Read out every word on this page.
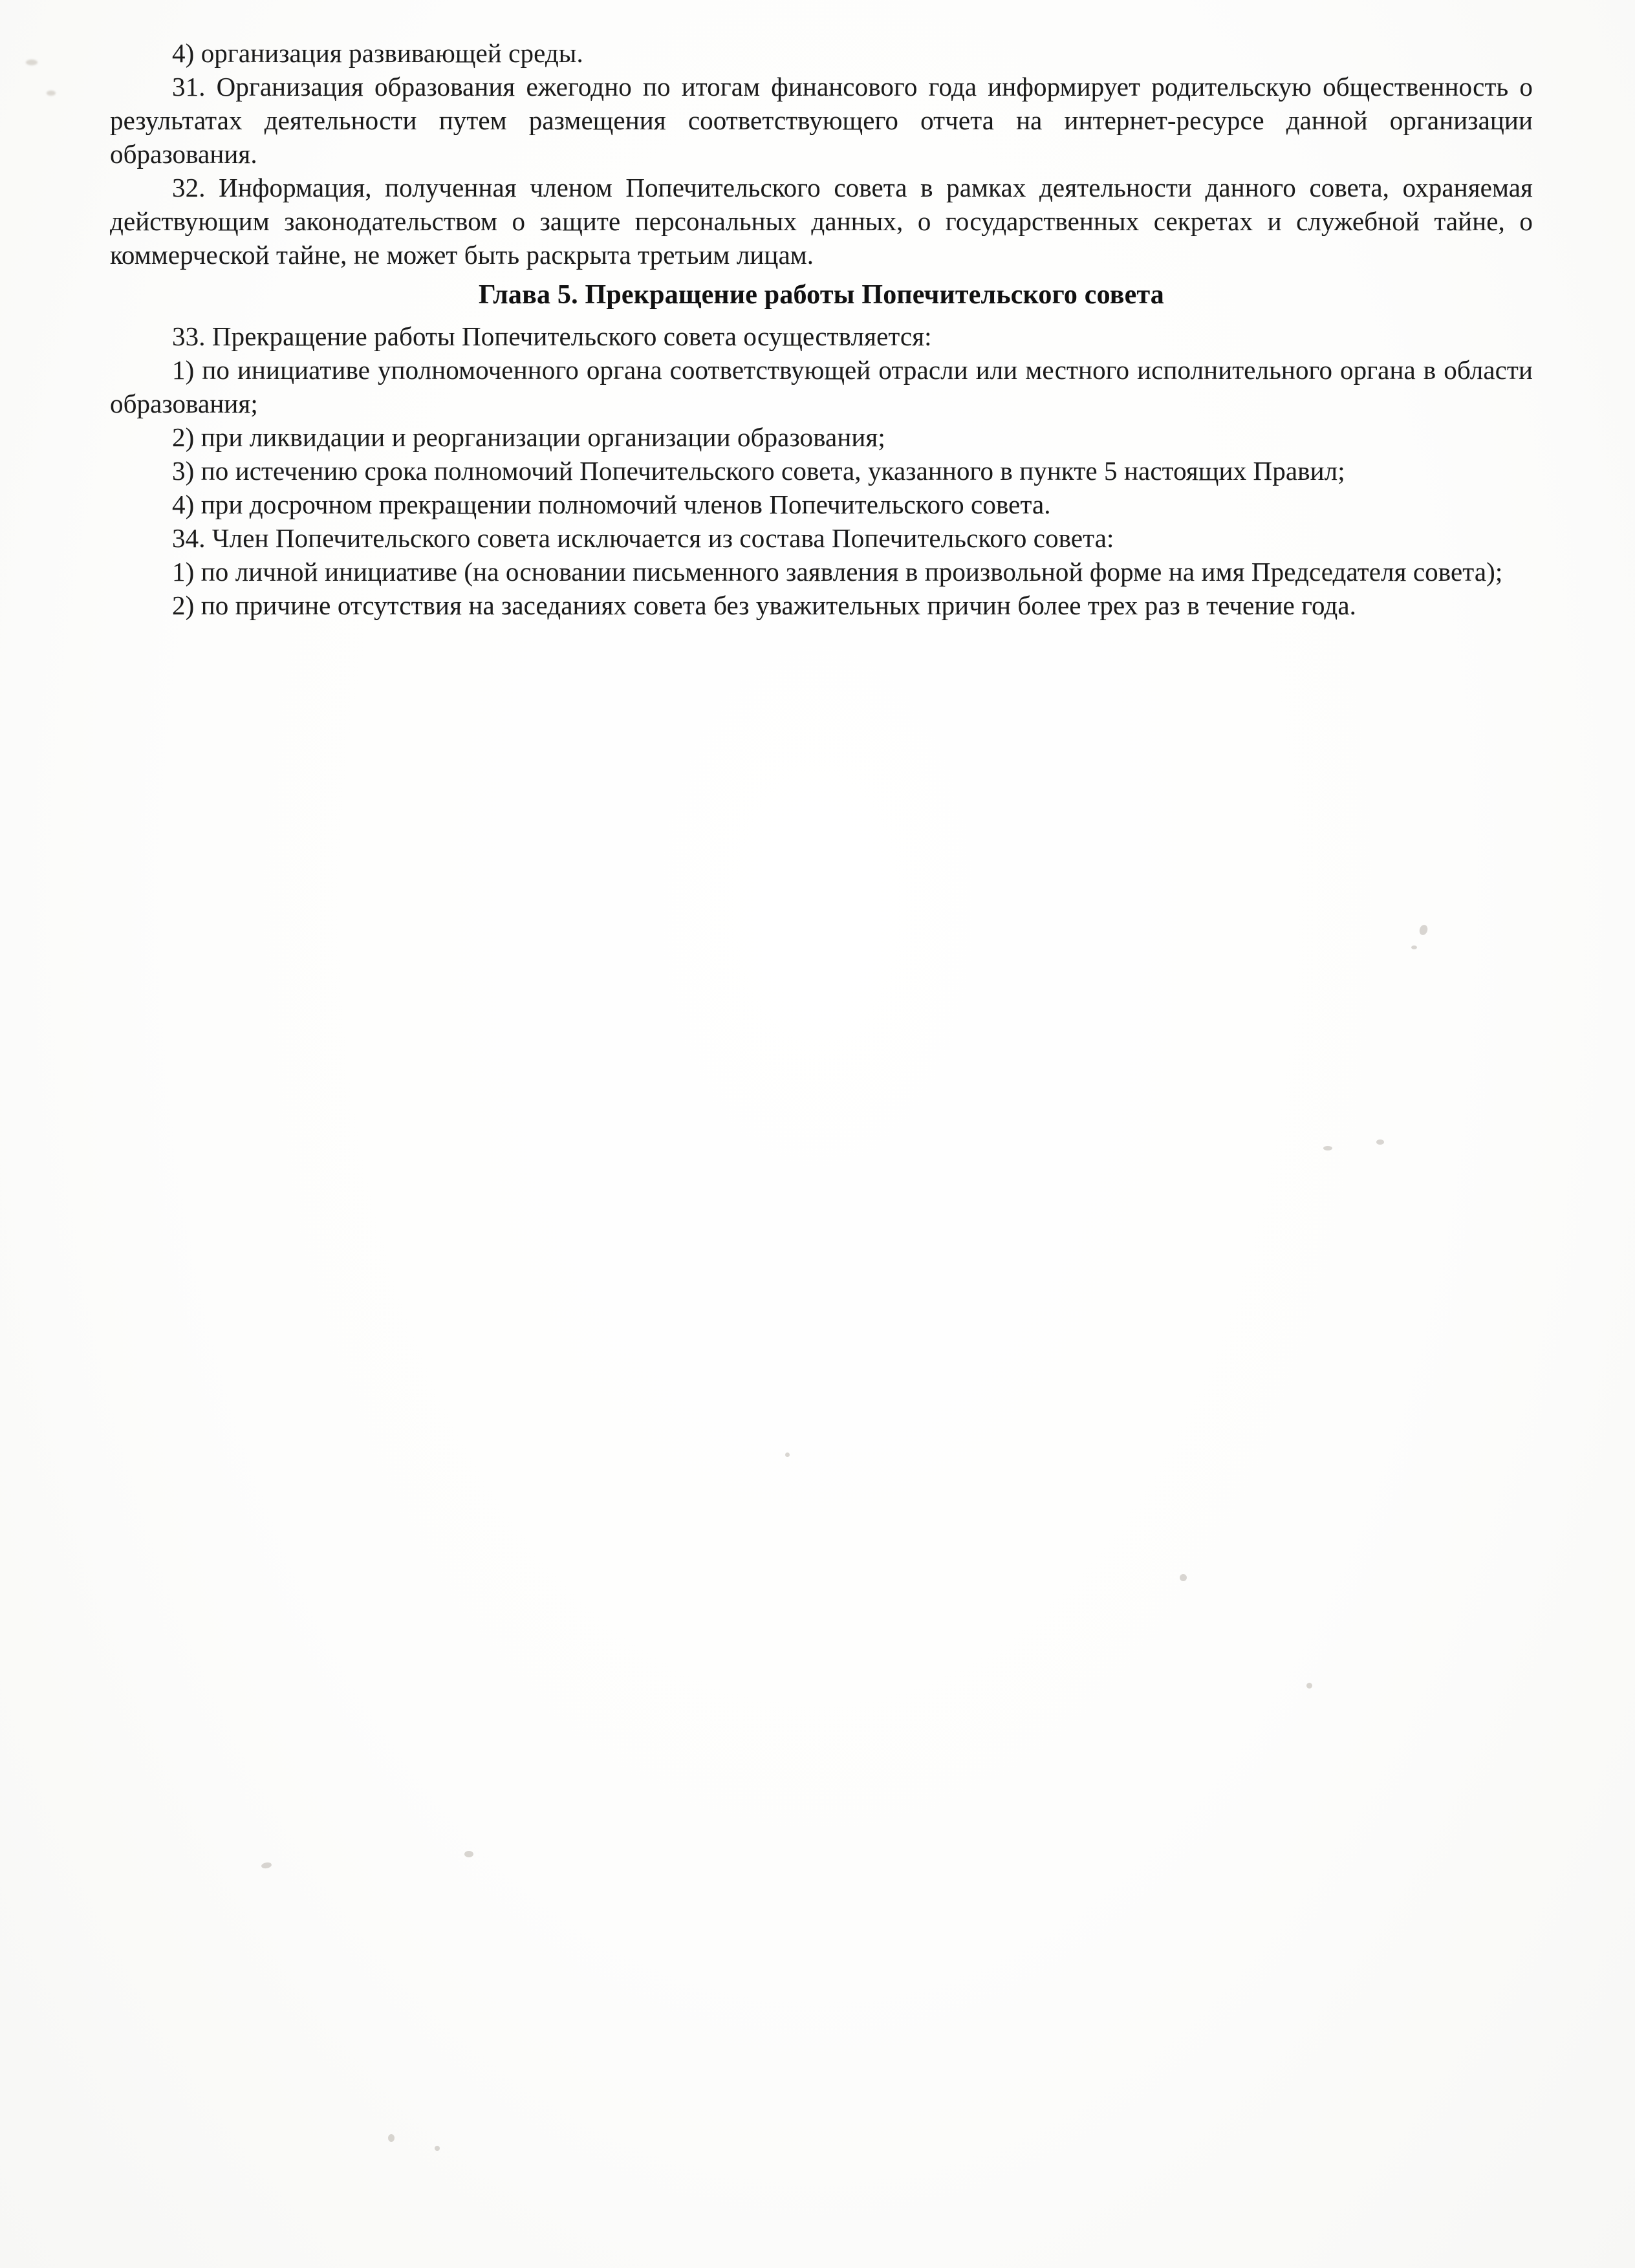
4) организация развивающей среды.

31. Организация образования ежегодно по итогам финансового года информирует родительскую общественность о результатах деятельности путем размещения соответствующего отчета на интернет-ресурсе данной организации образования.

32. Информация, полученная членом Попечительского совета в рамках деятельности данного совета, охраняемая действующим законодательством о защите персональных данных, о государственных секретах и служебной тайне, о коммерческой тайне, не может быть раскрыта третьим лицам.

Глава 5. Прекращение работы Попечительского совета

33. Прекращение работы Попечительского совета осуществляется:

1) по инициативе уполномоченного органа соответствующей отрасли или местного исполнительного органа в области образования;

2) при ликвидации и реорганизации организации образования;

3) по истечению срока полномочий Попечительского совета, указанного в пункте 5 настоящих Правил;

4) при досрочном прекращении полномочий членов Попечительского совета.

34. Член Попечительского совета исключается из состава Попечительского совета:

1) по личной инициативе (на основании письменного заявления в произвольной форме на имя Председателя совета);

2) по причине отсутствия на заседаниях совета без уважительных причин более трех раз в течение года.
